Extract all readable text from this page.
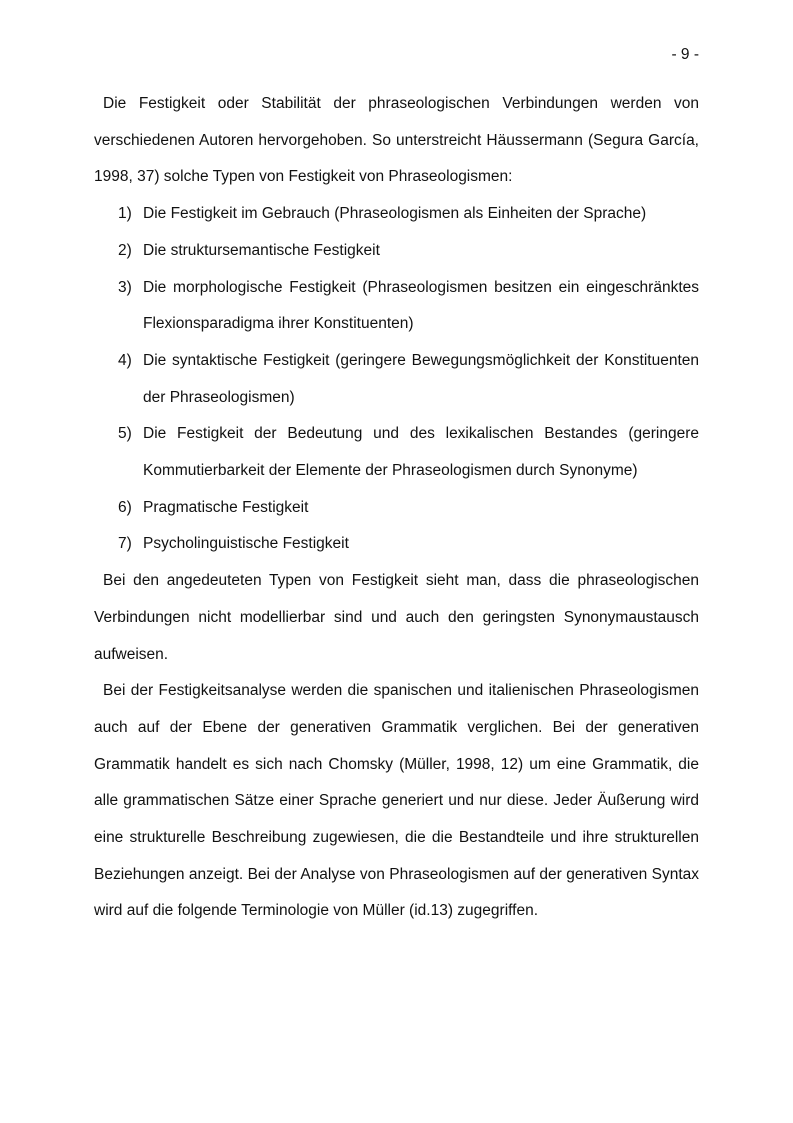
- 9 -

Die Festigkeit oder Stabilität der phraseologischen Verbindungen werden von verschiedenen Autoren hervorgehoben. So unterstreicht Häussermann (Segura García, 1998, 37) solche Typen von Festigkeit von Phraseologismen:

1) Die Festigkeit im Gebrauch (Phraseologismen als Einheiten der Sprache)
2) Die struktursemantische Festigkeit
3) Die morphologische Festigkeit (Phraseologismen besitzen ein eingeschränktes Flexionsparadigma ihrer Konstituenten)
4) Die syntaktische Festigkeit (geringere Bewegungsmöglichkeit der Konstituenten der Phraseologismen)
5) Die Festigkeit der Bedeutung und des lexikalischen Bestandes (geringere Kommutierbarkeit der Elemente der Phraseologismen durch Synonyme)
6) Pragmatische Festigkeit
7) Psycholinguistische Festigkeit

Bei den angedeuteten Typen von Festigkeit sieht man, dass die phraseologischen Verbindungen nicht modellierbar sind und auch den geringsten Synonymaustausch aufweisen.

Bei der Festigkeitsanalyse werden die spanischen und italienischen Phraseologismen auch auf der Ebene der generativen Grammatik verglichen. Bei der generativen Grammatik handelt es sich nach Chomsky (Müller, 1998, 12) um eine Grammatik, die alle grammatischen Sätze einer Sprache generiert und nur diese. Jeder Äußerung wird eine strukturelle Beschreibung zugewiesen, die die Bestandteile und ihre strukturellen Beziehungen anzeigt. Bei der Analyse von Phraseologismen auf der generativen Syntax wird auf die folgende Terminologie von Müller (id.13) zugegriffen.
